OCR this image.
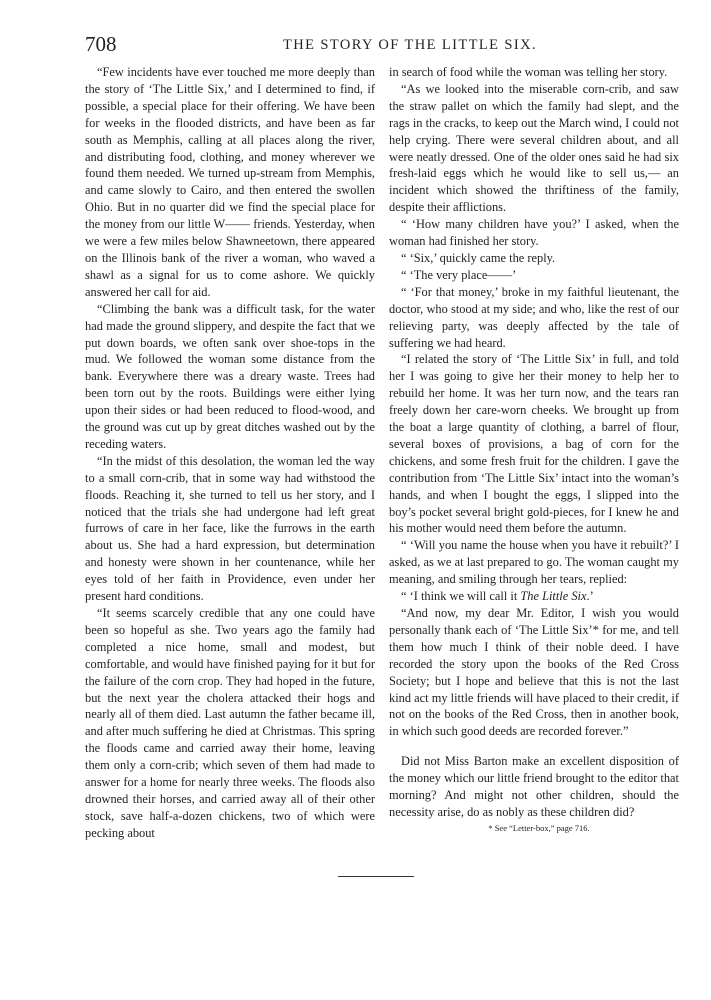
708	THE STORY OF THE LITTLE SIX.

“Few incidents have ever touched me more deeply than the story of ‘The Little Six,’ and I determined to find, if possible, a special place for their offering. We have been for weeks in the flooded districts, and have been as far south as Memphis, calling at all places along the river, and distributing food, clothing, and money wherever we found them needed. We turned up-stream from Memphis, and came slowly to Cairo, and then entered the swollen Ohio. But in no quarter did we find the special place for the money from our little W—— friends. Yesterday, when we were a few miles below Shawneetown, there appeared on the Illinois bank of the river a woman, who waved a shawl as a signal for us to come ashore. We quickly answered her call for aid.

“Climbing the bank was a difficult task, for the water had made the ground slippery, and despite the fact that we put down boards, we often sank over shoe-tops in the mud. We followed the woman some distance from the bank. Everywhere there was a dreary waste. Trees had been torn out by the roots. Buildings were either lying upon their sides or had been reduced to flood-wood, and the ground was cut up by great ditches washed out by the receding waters.

“In the midst of this desolation, the woman led the way to a small corn-crib, that in some way had withstood the floods. Reaching it, she turned to tell us her story, and I noticed that the trials she had undergone had left great furrows of care in her face, like the furrows in the earth about us. She had a hard expression, but determination and honesty were shown in her countenance, while her eyes told of her faith in Providence, even under her present hard conditions.

“It seems scarcely credible that any one could have been so hopeful as she. Two years ago the family had completed a nice home, small and modest, but comfortable, and would have finished paying for it but for the failure of the corn crop. They had hoped in the future, but the next year the cholera attacked their hogs and nearly all of them died. Last autumn the father became ill, and after much suffering he died at Christmas. This spring the floods came and carried away their home, leaving them only a corn-crib; which seven of them had made to answer for a home for nearly three weeks. The floods also drowned their horses, and carried away all of their other stock, save half-a-dozen chickens, two of which were pecking about

in search of food while the woman was telling her story.

“As we looked into the miserable corn-crib, and saw the straw pallet on which the family had slept, and the rags in the cracks, to keep out the March wind, I could not help crying. There were several children about, and all were neatly dressed. One of the older ones said he had six fresh-laid eggs which he would like to sell us,— an incident which showed the thriftiness of the family, despite their afflictions.

“ ‘How many children have you?’ I asked, when the woman had finished her story.

“ ‘Six,’ quickly came the reply.

“ ‘The very place——’

“ ‘For that money,’ broke in my faithful lieutenant, the doctor, who stood at my side; and who, like the rest of our relieving party, was deeply affected by the tale of suffering we had heard.

“I related the story of ‘The Little Six’ in full, and told her I was going to give her their money to help her to rebuild her home. It was her turn now, and the tears ran freely down her care-worn cheeks. We brought up from the boat a large quantity of clothing, a barrel of flour, several boxes of provisions, a bag of corn for the chickens, and some fresh fruit for the children. I gave the contribution from ‘The Little Six’ intact into the woman’s hands, and when I bought the eggs, I slipped into the boy’s pocket several bright gold-pieces, for I knew he and his mother would need them before the autumn.

“ ‘Will you name the house when you have it rebuilt?’ I asked, as we at last prepared to go. The woman caught my meaning, and smiling through her tears, replied:

“ ‘I think we will call it The Little Six.’

“And now, my dear Mr. Editor, I wish you would personally thank each of ‘The Little Six’* for me, and tell them how much I think of their noble deed. I have recorded the story upon the books of the Red Cross Society; but I hope and believe that this is not the last kind act my little friends will have placed to their credit, if not on the books of the Red Cross, then in another book, in which such good deeds are recorded forever.”

Did not Miss Barton make an excellent disposition of the money which our little friend brought to the editor that morning? And might not other children, should the necessity arise, do as nobly as these children did?

* See “Letter-box,” page 716.
